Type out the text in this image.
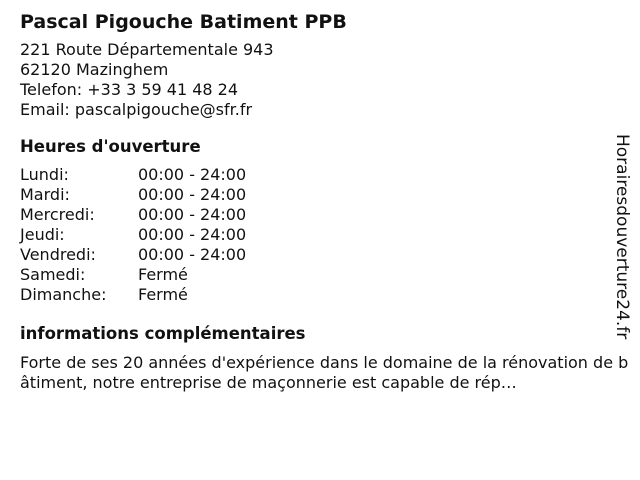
Pascal Pigouche Batiment PPB
221 Route Départementale 943
62120 Mazinghem
Telefon: +33 3 59 41 48 24
Email: pascalpigouche@sfr.fr
Heures d'ouverture
Lundi:	00:00 - 24:00
Mardi:	00:00 - 24:00
Mercredi:	00:00 - 24:00
Jeudi:	00:00 - 24:00
Vendredi:	00:00 - 24:00
Samedi:	Fermé
Dimanche:	Fermé
informations complémentaires
Forte de ses 20 années d'expérience dans le domaine de la rénovation de bâtiment, notre entreprise de maçonnerie est capable de rép…
Horairesdouverture24.fr
